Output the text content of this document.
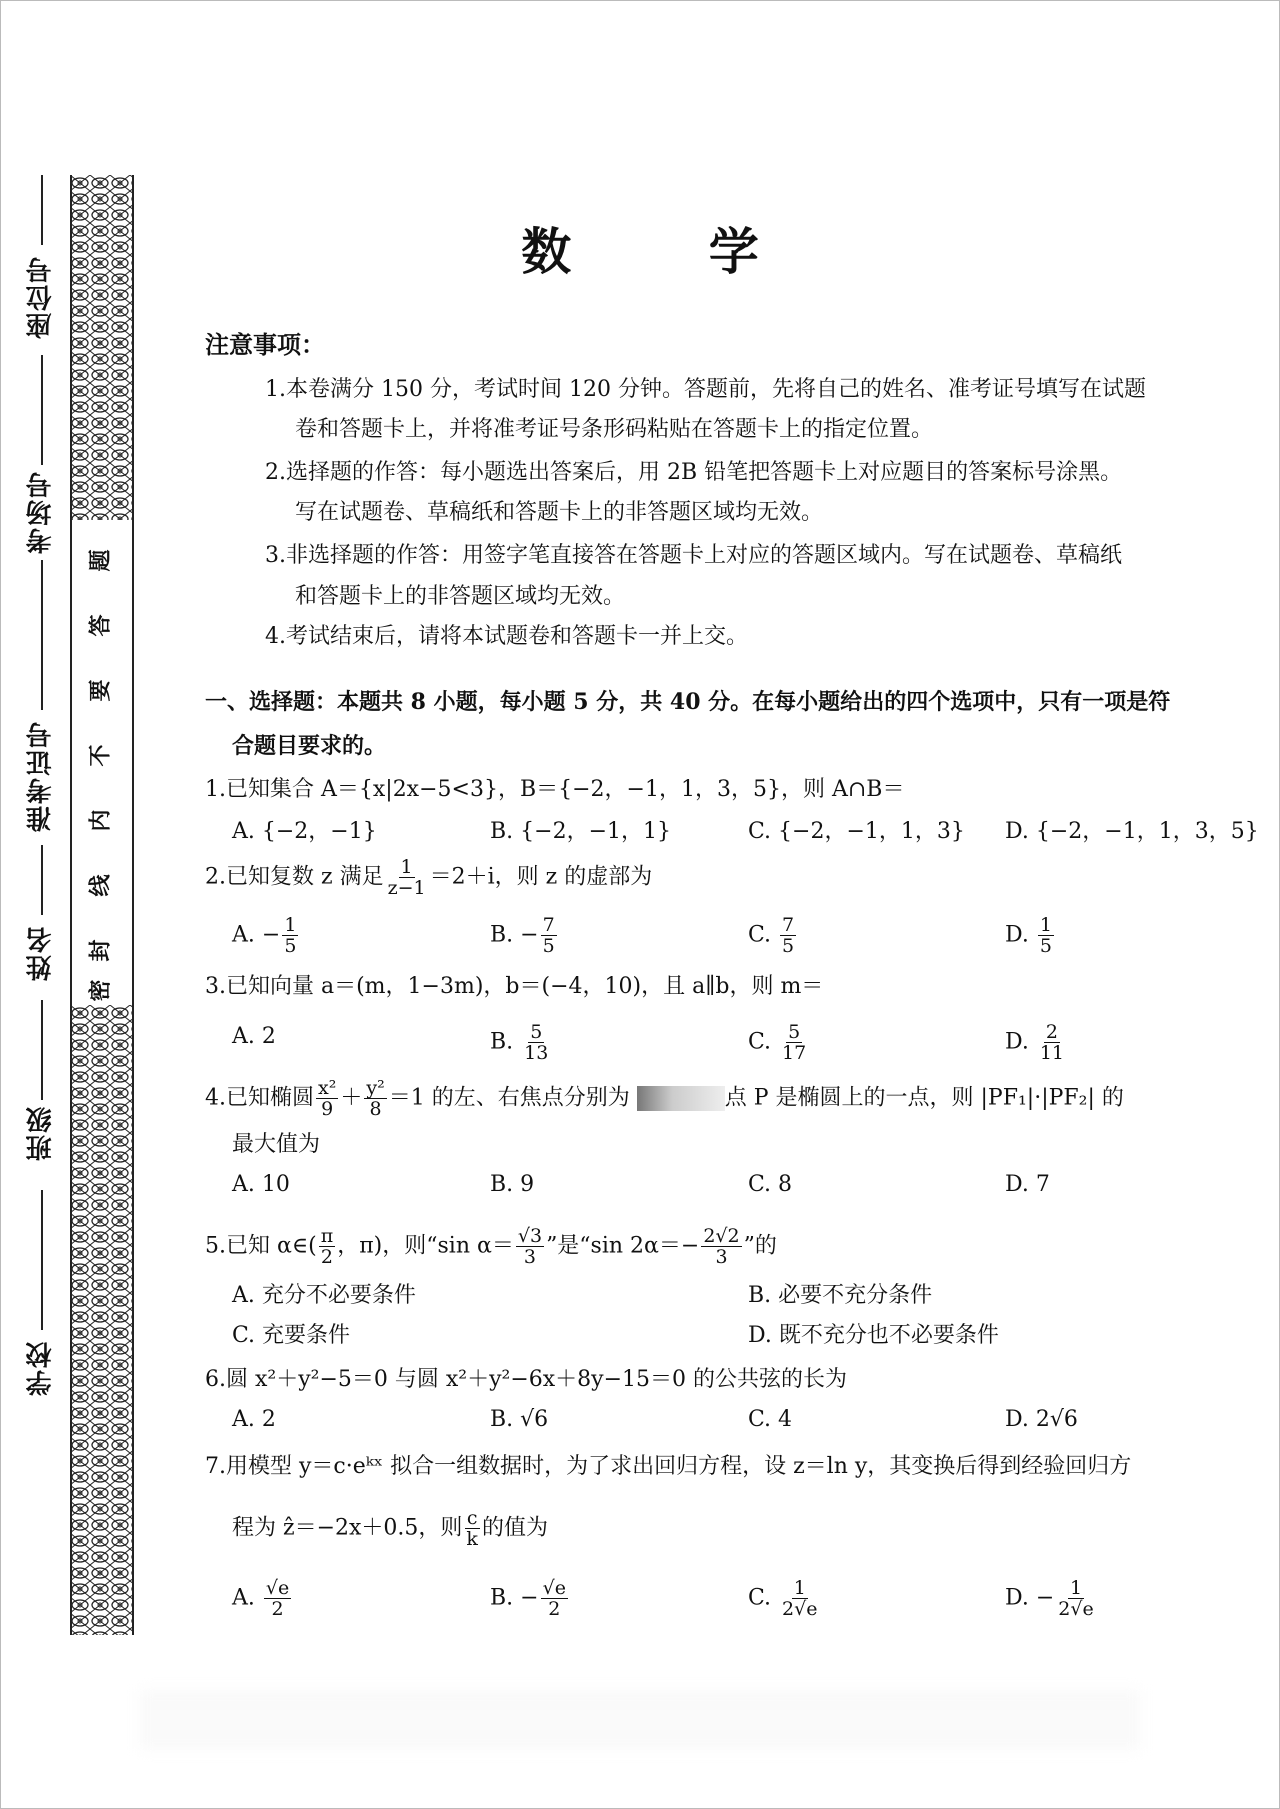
座位号
考场号
准考证号
姓名
班级
学校
题
答
要
不
内
线
封
密
数 学
注意事项：
1.本卷满分 150 分，考试时间 120 分钟。答题前，先将自己的姓名、准考证号填写在试题
卷和答题卡上，并将准考证号条形码粘贴在答题卡上的指定位置。
2.选择题的作答：每小题选出答案后，用 2B 铅笔把答题卡上对应题目的答案标号涂黑。
写在试题卷、草稿纸和答题卡上的非答题区域均无效。
3.非选择题的作答：用签字笔直接答在答题卡上对应的答题区域内。写在试题卷、草稿纸
和答题卡上的非答题区域均无效。
4.考试结束后，请将本试题卷和答题卡一并上交。
一、选择题：本题共 8 小题，每小题 5 分，共 40 分。在每小题给出的四个选项中，只有一项是符
合题目要求的。
1.已知集合 A＝{x|2x−5<3}，B＝{−2，−1，1，3，5}，则 A∩B＝
A. {−2，−1}	B. {−2，−1，1}	C. {−2，−1，1，3} D. {−2，−1，1，3，5}
2.已知复数 z 满足 $\frac{1}{z-1} =2+i$，则 z 的虚部为
A. − $\frac{1}{5}$	B. − $\frac{7}{5}$	C. $\frac{7}{5}$	D. $\frac{1}{5}$
3.已知向量 a＝(m，1−3m)，b＝(−4，10)，且 a∥b，则 m＝
A. 2	B. $\frac{5}{13}$	C. $\frac{5}{17}$	D. $\frac{2}{11}$
4.已知椭圆 $\frac{\text{x²}}{9} + \frac{\text{y²}}{8} =1$ 的左、右焦点分别为 　　　　	点 P 是椭圆上的一点，则 |PF₁|·|PF₂| 的
最大值为
A. 10	B. 9	C. 8	D. 7
5.已知 α∈( $\frac{\pi}{2}$ ，π)，则“sin $\alpha= \frac{√3}{3}$ ”是“sin $2\alpha=- \frac{2√2}{3}$ ”的
A. 充分不必要条件	B. 必要不充分条件
C. 充要条件	D. 既不充分也不必要条件
6.圆 x²＋y²−5＝0 与圆 x²＋y²−6x＋8y−15＝0 的公共弦的长为
A. 2	B. √6	C. 4	D. 2√6
7.用模型 y＝c·eᵏˣ 拟合一组数据时，为了求出回归方程，设 z＝ln y，其变换后得到经验回归方
程为 ẑ＝−2x＋0.5，则 $\frac{c}{k}$ 的值为
A. $\frac{√e}{2}$	B. − $\frac{√e}{2}$	C. $\frac{1}{2√e}$	D. − $\frac{1}{2√e}$
